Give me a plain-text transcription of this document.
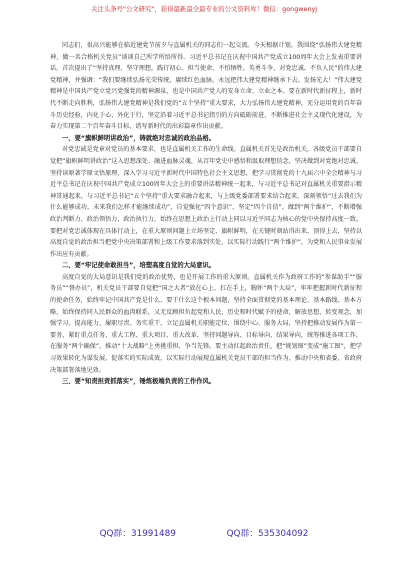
关注头条号"公文研究"，获得最新最全最专业的公文资料库！微信：gongwenyj

同志们，很高兴能够在临近建党节前夕与直属机关的同志们一起交流。今天根据计划，我围绕“弘扬伟大建党精神，做一名合格机关党员”谈谈自己所学所悟所得。习近平总书记在庆祝中国共产党成立100周年大会上发表重要讲话，首次提出了“坚持真理、坚守理想，践行初心、担当使命，不怕牺牲、英勇斗争，对党忠诚、不负人民”的伟大建党精神，并强调：“我们要继续弘扬光荣传统、赓续红色血脉，永远把伟大建党精神继承下去、发扬光大！”伟大建党精神是中国共产党立党兴党强党的精神源泉，也是中国共产党人的安身立命、立业之本。要在新时代新征程上，新时代不断走向胜利，弘扬伟大建党精神是我们党的“五个坚持”重大要求，大力弘扬伟大建党精神，充分运用党的百年奋斗历史经验，内化于心、外化于行，坚定沿着习近平总书记指引的方向砥砺前进，不断推进社会主义现代化建设，为奋力实现第二个百年奋斗目标、谱写新时代的出彩篇章作出贡献。

一、要“旗帜鲜明讲政治”，铸就绝对忠诚的政治品格。

对党忠诚是党章对党员的基本要求，也是直属机关工作的生命线。直属机关首先是政治机关，各级党员干部要自觉把“旗帜鲜明讲政治”这入思想深处、融进血脉灵魂，从百年党史中感悟和汲取理想信念，坚决做到对党绝对忠诚。坚持读原著学原文悟原理，深入学习习近平新时代中国特色社会主义思想，把学习贯彻党的十九届六中全会精神与习近平总书记在庆祝中国共产党成立100周年大会上的重要讲话精神统一起来，与习近平总书记对直属机关重要指示精神贯通起来，与习近平总书记“五个坚持”重大要求融合起来，与上级党委部署要求结合起来，深刻领悟“过去我们为什么能够成功、未来我们怎样才能继续成功”，自觉强化“四个意识”、坚定“四个自信”、做到“两个维护”，不断增强政治判断力、政治领悟力、政治执行力，始终在思想上政治上行动上同以习近平同志为核心的党中央保持高度一致。要把对党忠诚体现在具体行动上，在重大原则问题上立场坚定、旗帜鲜明，在关键时刻站得出来、顶得上去，坚持以高度自觉的政治担当把党中央决策部署和上级工作要求落到实处，以实际行动践行“两个维护”，为党和人民事业发展作出应有贡献。

二、要“牢记使命敢担当”，培塑高度自觉的大局意识。

高度自觉的大局意识是我们党的政治优势，也是开展工作的重大原则。直属机关作为政府工作的“参谋助手”“服务员”“督办员”，机关党员干部要自觉把“国之大者”放在心上、扛在手上，胸怀“两个大局”，牢牢把握新时代新征程的使命任务，始终牢记中国共产党是什么、要干什么这个根本问题，坚持全面贯彻党的基本理论、基本路线、基本方略，始终保持同人民群众的血肉联系，又无反顾担负起党和人民、历史和时代赋予的使命，解放思想、转变观念，加强学习、提高能力，履职尽责、务实重干，立足直属机关职能定位，围绕中心、服务大局，坚持把推动发展作为第一要务，紧盯重点任务、重大工程、重大项目、重大改革，坚持问题导向、目标导向、结果导向，统筹推进各项工作，在服务“两个确保”、推动“十大战略”上勇挑重担、争当先锋。要主动扛起政治责任，把“规划图”变成“施工图”，把学习效果转化为谋发展、促落实的实际成效，以实际行动展现直属机关党员干部的担当作为，推动中央和省委、省政府决策部署落地见效。

三、要“知责担责抓落实”，锤炼极端负责的工作作风。

QQ群：31991489	QQ群：535304092
